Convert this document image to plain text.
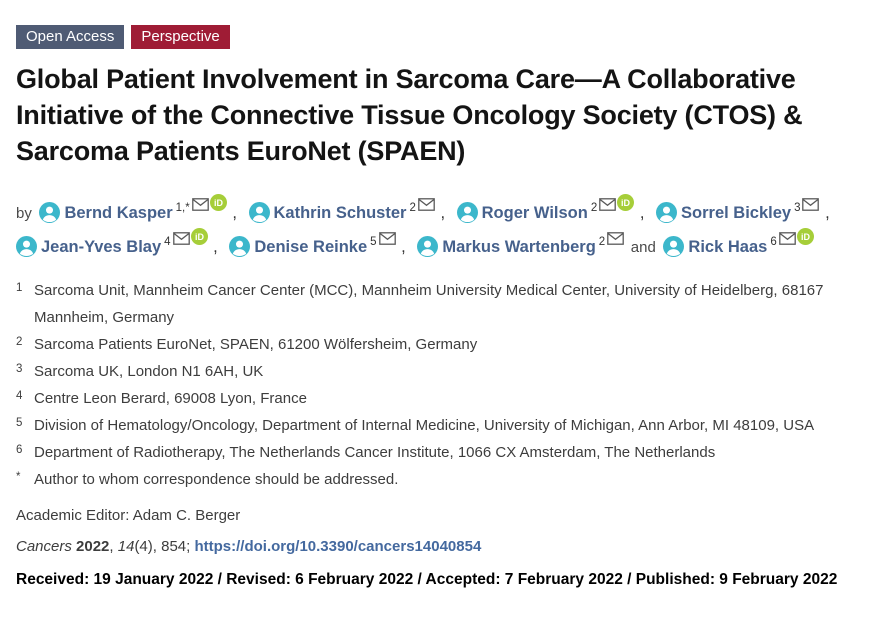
Open Access	Perspective
Global Patient Involvement in Sarcoma Care—A Collaborative Initiative of the Connective Tissue Oncology Society (CTOS) & Sarcoma Patients EuroNet (SPAEN)
by Bernd Kasper $^{1,*}$	iD
, Kathrin Schuster $^2$ , Roger Wilson $^2$	iD
, Sorrel Bickley $^3$ ,
Jean-Yves Blay $^4$	iD
, Denise Reinke $^5$ , Markus Wartenberg $^2$ and Rick Haas $^6$	iD
1 Sarcoma Unit, Mannheim Cancer Center (MCC), Mannheim University Medical Center, University of Heidelberg, 68167 Mannheim, Germany
2 Sarcoma Patients EuroNet, SPAEN, 61200 Wölfersheim, Germany
3 Sarcoma UK, London N1 6AH, UK
4 Centre Leon Berard, 69008 Lyon, France
5 Division of Hematology/Oncology, Department of Internal Medicine, University of Michigan, Ann Arbor, MI 48109, USA
6 Department of Radiotherapy, The Netherlands Cancer Institute, 1066 CX Amsterdam, The Netherlands
* Author to whom correspondence should be addressed.

Academic Editor: Adam C. Berger

Cancers 2022, 14(4), 854; https://doi.org/10.3390/cancers14040854

Received: 19 January 2022 / Revised: 6 February 2022 / Accepted: 7 February 2022 / Published: 9 February 2022
